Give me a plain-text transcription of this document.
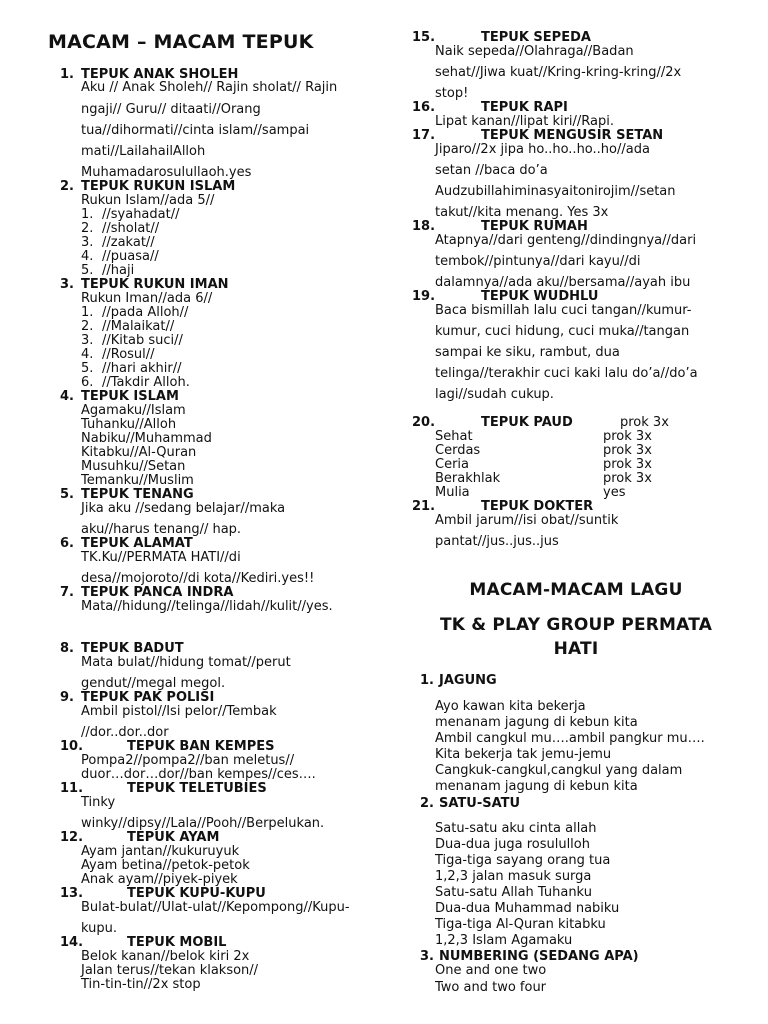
MACAM – MACAM TEPUK
1. TEPUK ANAK SHOLEH
Aku // Anak Sholeh// Rajin sholat// Rajin
ngaji// Guru// ditaati//Orang
tua//dihormati//cinta islam//sampai
mati//LailahailAlloh
Muhamadarosulullaoh.yes
2. TEPUK RUKUN ISLAM
Rukun Islam//ada 5//
1. //syahadat//
2. //sholat//
3. //zakat//
4. //puasa//
5. //haji
3. TEPUK RUKUN IMAN
Rukun Iman//ada 6//
1. //pada Alloh//
2. //Malaikat//
3. //Kitab suci//
4. //Rosul//
5. //hari akhir//
6. //Takdir Alloh.
4. TEPUK ISLAM
Agamaku//Islam
Tuhanku//Alloh
Nabiku//Muhammad
Kitabku//Al-Quran
Musuhku//Setan
Temanku//Muslim
5. TEPUK TENANG
Jika aku //sedang belajar//maka
aku//harus tenang// hap.
6. TEPUK ALAMAT
TK.Ku//PERMATA HATI//di
desa//mojoroto//di kota//Kediri.yes!!
7. TEPUK PANCA INDRA
Mata//hidung//telinga//lidah//kulit//yes.
8. TEPUK BADUT
Mata bulat//hidung tomat//perut
gendut//megal megol.
9. TEPUK PAK POLISI
Ambil pistol//Isi pelor//Tembak
//dor..dor..dor
10.	TEPUK BAN KEMPES
Pompa2//pompa2//ban meletus//
duor…dor…dor//ban kempes//ces….
11.	TEPUK TELETUBIES
Tinky
winky//dipsy//Lala//Pooh//Berpelukan.
12.	TEPUK AYAM
Ayam jantan//kukuruyuk
Ayam betina//petok-petok
Anak ayam//piyek-piyek
13.	TEPUK KUPU-KUPU
Bulat-bulat//Ulat-ulat//Kepompong//Kupu-
kupu.
14.	TEPUK MOBIL
Belok kanan//belok kiri 2x
Jalan terus//tekan klakson//
Tin-tin-tin//2x stop
15.	TEPUK SEPEDA
Naik sepeda//Olahraga//Badan
sehat//Jiwa kuat//Kring-kring-kring//2x
stop!
16.	TEPUK RAPI
Lipat kanan//lipat kiri//Rapi.
17.	TEPUK MENGUSIR SETAN
Jiparo//2x jipa ho..ho..ho..ho//ada
setan //baca do’a
Audzubillahiminasyaitonirojim//setan
takut//kita menang. Yes 3x
18.	TEPUK RUMAH
Atapnya//dari genteng//dindingnya//dari
tembok//pintunya//dari kayu//di
dalamnya//ada aku//bersama//ayah ibu
19.	TEPUK WUDHLU
Baca bismillah lalu cuci tangan//kumur-
kumur, cuci hidung, cuci muka//tangan
sampai ke siku, rambut, dua
telinga//terakhir cuci kaki lalu do’a//do’a
lagi//sudah cukup.
20.	TEPUK PAUD	prok 3x
Sehat	prok 3x
Cerdas	prok 3x
Ceria	prok 3x
Berakhlak	prok 3x
Mulia	yes
21.	TEPUK DOKTER
Ambil jarum//isi obat//suntik
pantat//jus..jus..jus
MACAM-MACAM LAGU
TK & PLAY GROUP PERMATA
HATI
1. JAGUNG
Ayo kawan kita bekerja
menanam jagung di kebun kita
Ambil cangkul mu….ambil pangkur mu….
Kita bekerja tak jemu-jemu
Cangkuk-cangkul,cangkul yang dalam
menanam jagung di kebun kita
2. SATU-SATU
Satu-satu aku cinta allah
Dua-dua juga rosululloh
Tiga-tiga sayang orang tua
1,2,3 jalan masuk surga
Satu-satu Allah Tuhanku
Dua-dua Muhammad nabiku
Tiga-tiga Al-Quran kitabku
1,2,3 Islam Agamaku
3. NUMBERING (SEDANG APA)
One and one two
Two and two four
